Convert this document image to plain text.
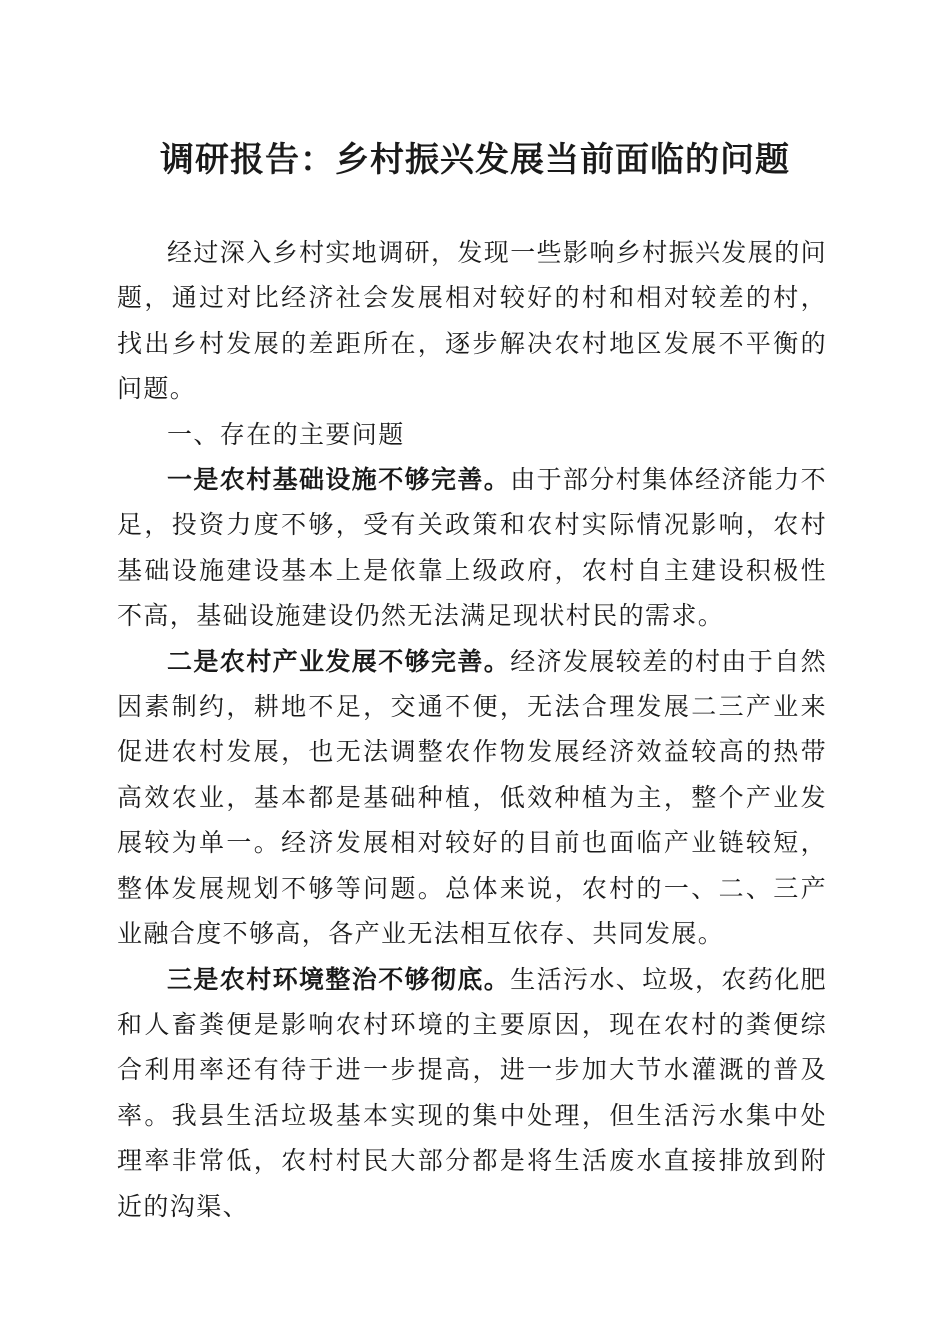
调研报告：乡村振兴发展当前面临的问题

经过深入乡村实地调研，发现一些影响乡村振兴发展的问题，通过对比经济社会发展相对较好的村和相对较差的村，找出乡村发展的差距所在，逐步解决农村地区发展不平衡的问题。

一、存在的主要问题

一是农村基础设施不够完善。由于部分村集体经济能力不足，投资力度不够，受有关政策和农村实际情况影响，农村基础设施建设基本上是依靠上级政府，农村自主建设积极性不高，基础设施建设仍然无法满足现状村民的需求。

二是农村产业发展不够完善。经济发展较差的村由于自然因素制约，耕地不足，交通不便，无法合理发展二三产业来促进农村发展，也无法调整农作物发展经济效益较高的热带高效农业，基本都是基础种植，低效种植为主，整个产业发展较为单一。经济发展相对较好的目前也面临产业链较短，整体发展规划不够等问题。总体来说，农村的一、二、三产业融合度不够高，各产业无法相互依存、共同发展。

三是农村环境整治不够彻底。生活污水、垃圾，农药化肥和人畜粪便是影响农村环境的主要原因，现在农村的粪便综合利用率还有待于进一步提高，进一步加大节水灌溉的普及率。我县生活垃圾基本实现的集中处理，但生活污水集中处理率非常低，农村村民大部分都是将生活废水直接排放到附近的沟渠、
